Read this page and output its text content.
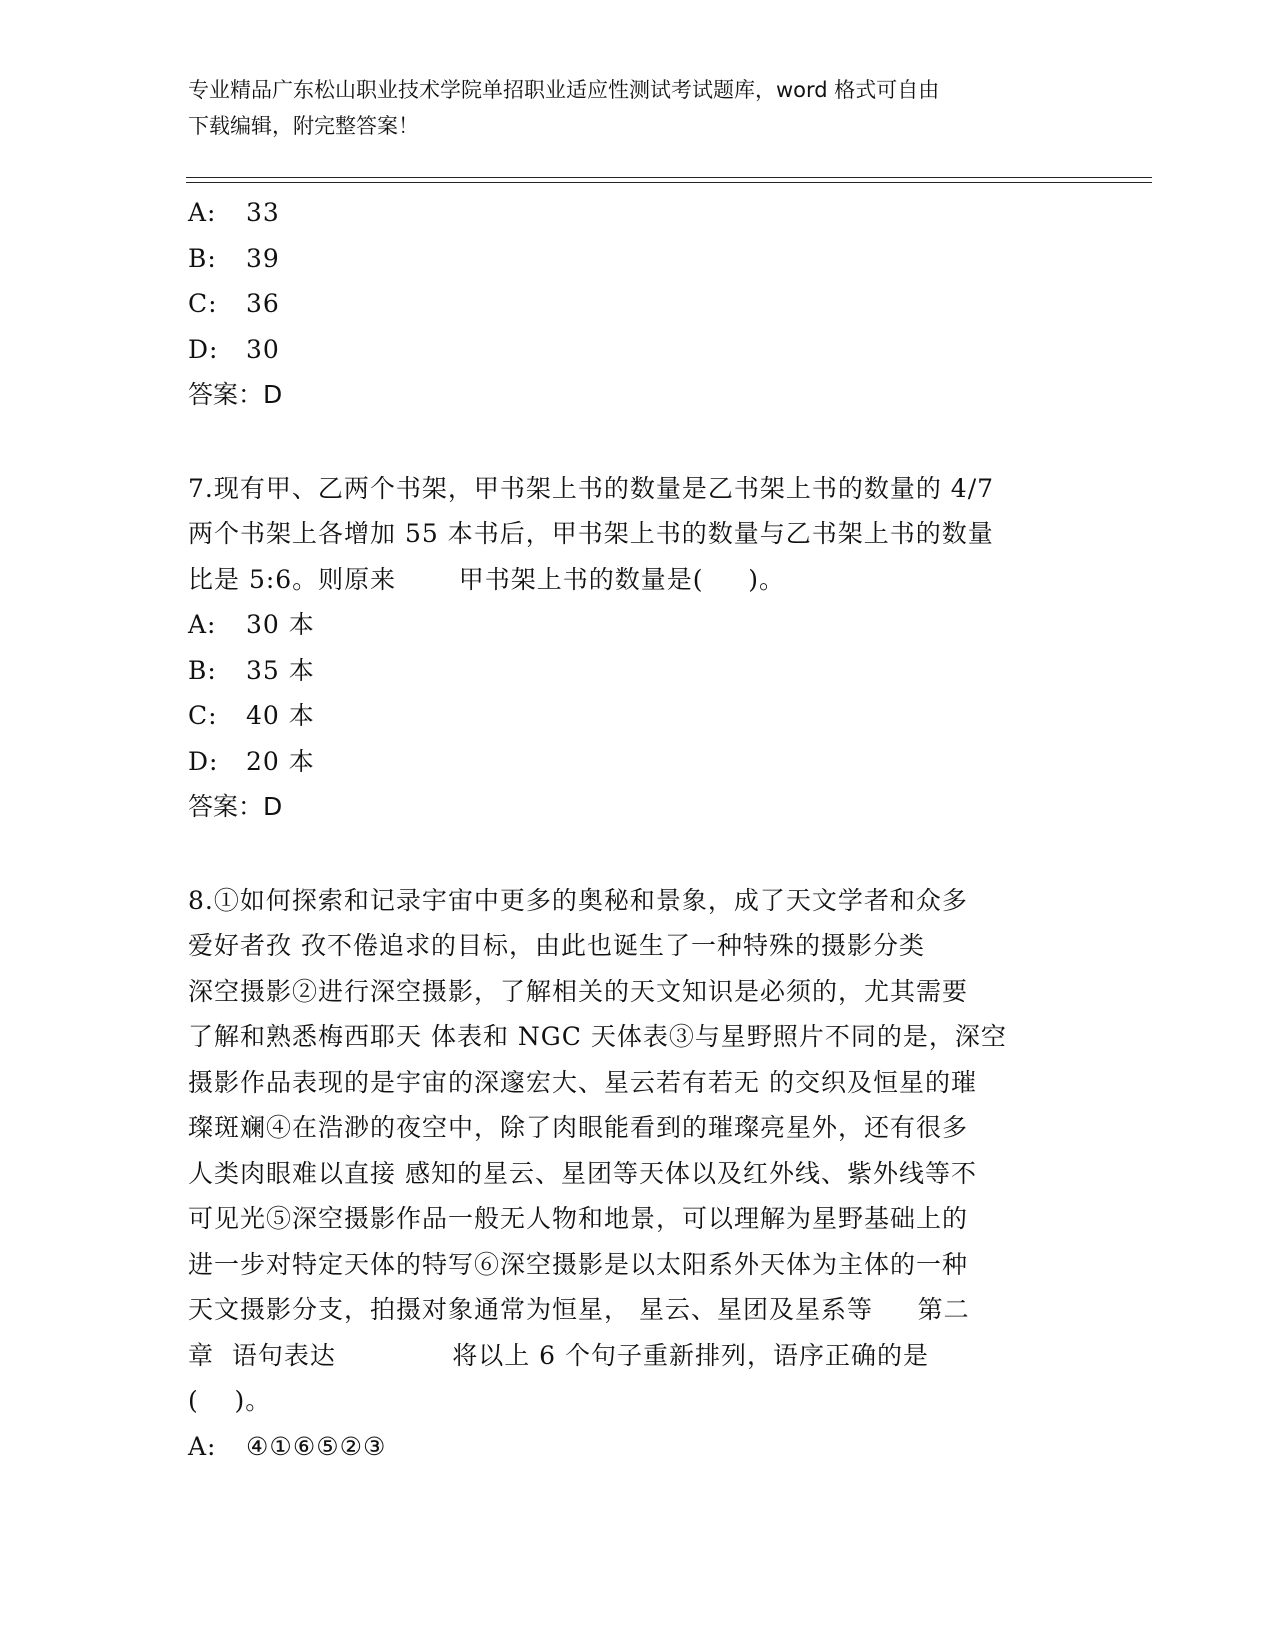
专业精品广东松山职业技术学院单招职业适应性测试考试题库，word 格式可自由
下载编辑，附完整答案！
A: 33
B: 39
C: 36
D: 30
答案：D
7.现有甲、乙两个书架，甲书架上书的数量是乙书架上书的数量的 4/7
两个书架上各增加 55 本书后，甲书架上书的数量与乙书架上书的数量
比是 5:6。则原来       甲书架上书的数量是(     )。
A: 30 本
B: 35 本
C: 40 本
D: 20 本
答案：D
8.①如何探索和记录宇宙中更多的奥秘和景象，成了天文学者和众多
爱好者孜 孜不倦追求的目标，由此也诞生了一种特殊的摄影分类
深空摄影②进行深空摄影，了解相关的天文知识是必须的，尤其需要
了解和熟悉梅西耶天 体表和 NGC 天体表③与星野照片不同的是，深空
摄影作品表现的是宇宙的深邃宏大、星云若有若无 的交织及恒星的璀
璨斑斓④在浩渺的夜空中，除了肉眼能看到的璀璨亮星外，还有很多
人类肉眼难以直接 感知的星云、星团等天体以及红外线、紫外线等不
可见光⑤深空摄影作品一般无人物和地景，可以理解为星野基础上的
进一步对特定天体的特写⑥深空摄影是以太阳系外天体为主体的一种
天文摄影分支，拍摄对象通常为恒星， 星云、星团及星系等     第二
章  语句表达             将以上 6 个句子重新排列，语序正确的是
(    )。
A: ④①⑥⑤②③
